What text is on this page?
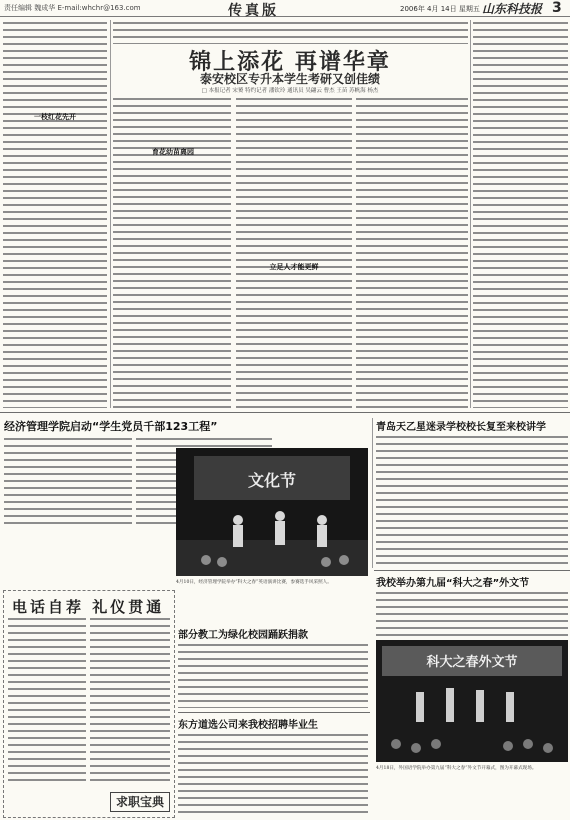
责任编辑 魏成华 E-mail:whchr@163.com	传真版	2006年 4月 14日 星期五 山东科技报 3
锦上添花 再谱华章
泰安校区专升本学生考研又创佳绩
□ 本报记者 宋赟 特约记者 潘钦玲 通讯员 吴翩云 曹杰 王苗 苏帆海 杨杰
一枝红花先开
育花幼苗离园
立足人才能更鲜
经济管理学院启动“学生党员千部123工程”
文化节
4月10日，经济管理学院举办“科大之春”英语演讲比赛，参赛选手风采照人。
青岛天乙星迷录学校校长复至来校讲学
电话自荐 礼仪贯通
求职宝典
部分教工为绿化校园踊跃捐款
我校举办第九届“科大之春”外文节
科大之春外文节
4月18日，外国语学院举办第九届“科大之春”外文节开幕式，图为开幕式现场。
东方道选公司来我校招聘毕业生
